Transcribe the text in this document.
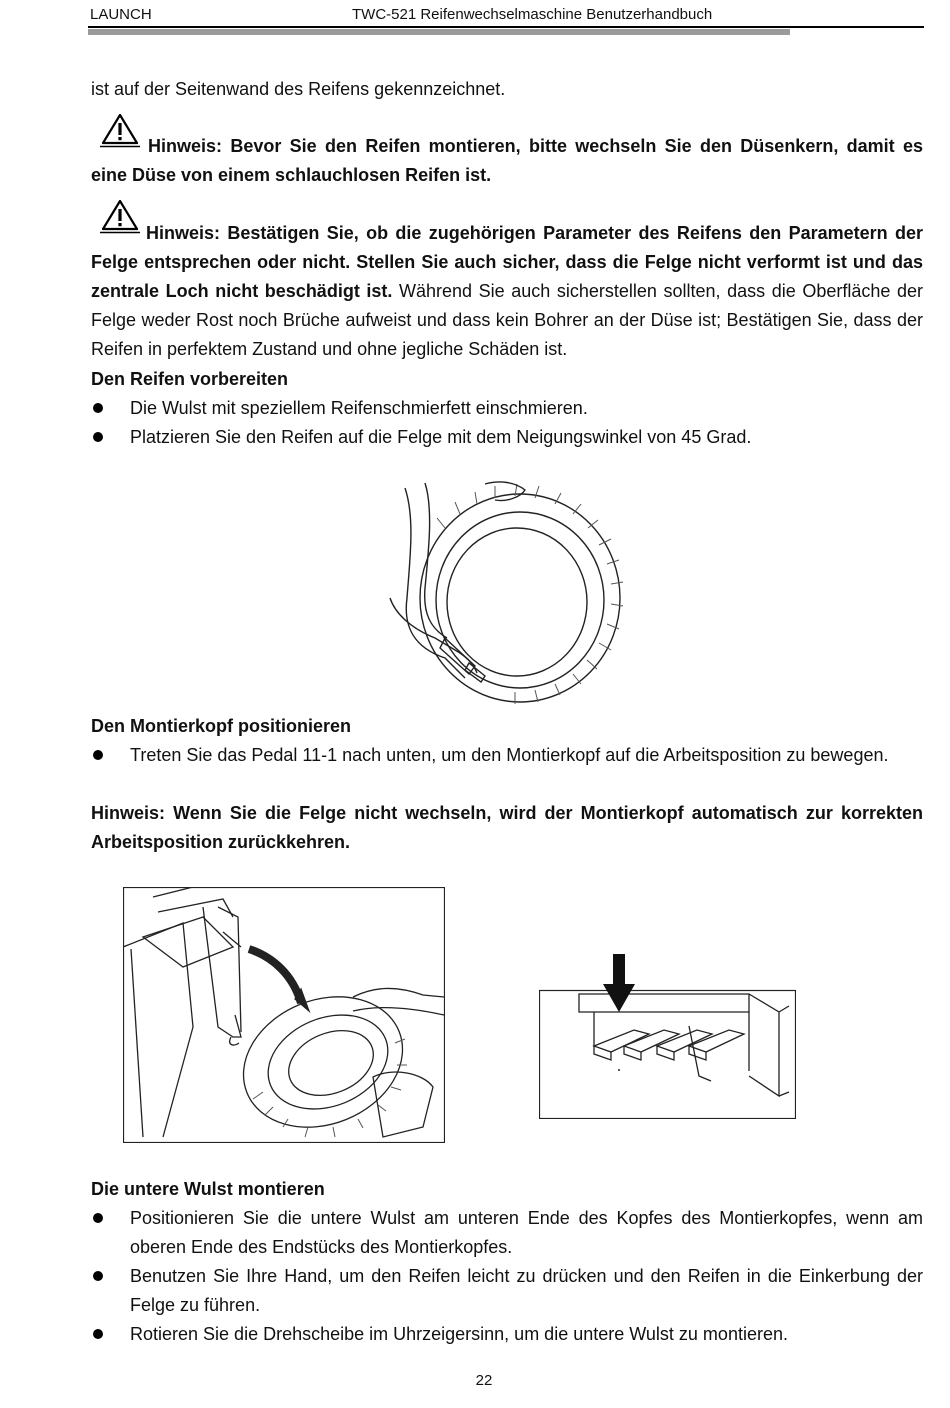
LAUNCH	TWC-521 Reifenwechselmaschine Benutzerhandbuch
ist auf der Seitenwand des Reifens gekennzeichnet.
Hinweis: Bevor Sie den Reifen montieren, bitte wechseln Sie den Düsenkern, damit es eine Düse von einem schlauchlosen Reifen ist.
Hinweis: Bestätigen Sie, ob die zugehörigen Parameter des Reifens den Parametern der Felge entsprechen oder nicht. Stellen Sie auch sicher, dass die Felge nicht verformt ist und das zentrale Loch nicht beschädigt ist. Während Sie auch sicherstellen sollten, dass die Oberfläche der Felge weder Rost noch Brüche aufweist und dass kein Bohrer an der Düse ist; Bestätigen Sie, dass der Reifen in perfektem Zustand und ohne jegliche Schäden ist.
Den Reifen vorbereiten
Die Wulst mit speziellem Reifenschmierfett einschmieren.
Platzieren Sie den Reifen auf die Felge mit dem Neigungswinkel von 45 Grad.
Den Montierkopf positionieren
Treten Sie das Pedal 11-1 nach unten, um den Montierkopf auf die Arbeitsposition zu bewegen.
Hinweis: Wenn Sie die Felge nicht wechseln, wird der Montierkopf automatisch zur korrekten Arbeitsposition zurückkehren.
Die untere Wulst montieren
Positionieren Sie die untere Wulst am unteren Ende des Kopfes des Montierkopfes, wenn am oberen Ende des Endstücks des Montierkopfes.
Benutzen Sie Ihre Hand, um den Reifen leicht zu drücken und den Reifen in die Einkerbung der Felge zu führen.
Rotieren Sie die Drehscheibe im Uhrzeigersinn, um die untere Wulst zu montieren.
22
